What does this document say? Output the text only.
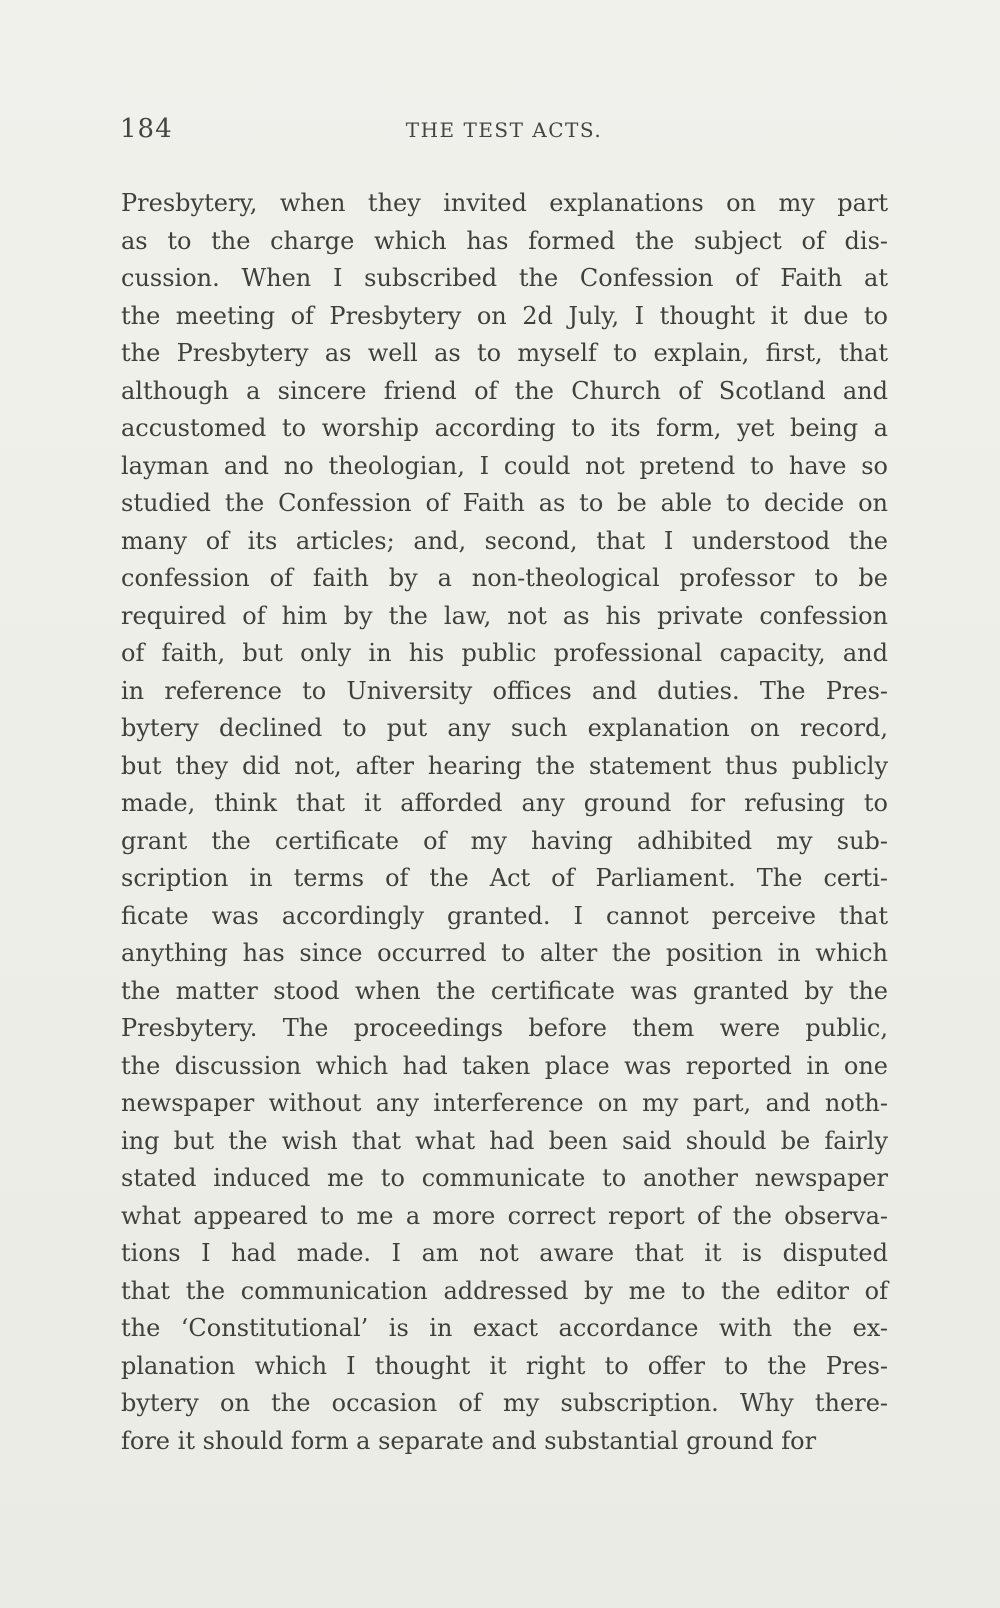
184	THE TEST ACTS.
Presbytery, when they invited explanations on my part
as to the charge which has formed the subject of dis-
cussion. When I subscribed the Confession of Faith at
the meeting of Presbytery on 2d July, I thought it due to
the Presbytery as well as to myself to explain, first, that
although a sincere friend of the Church of Scotland and
accustomed to worship according to its form, yet being a
layman and no theologian, I could not pretend to have so
studied the Confession of Faith as to be able to decide on
many of its articles; and, second, that I understood the
confession of faith by a non-theological professor to be
required of him by the law, not as his private confession
of faith, but only in his public professional capacity, and
in reference to University offices and duties. The Pres-
bytery declined to put any such explanation on record,
but they did not, after hearing the statement thus publicly
made, think that it afforded any ground for refusing to
grant the certificate of my having adhibited my sub-
scription in terms of the Act of Parliament. The certi-
ficate was accordingly granted. I cannot perceive that
anything has since occurred to alter the position in which
the matter stood when the certificate was granted by the
Presbytery. The proceedings before them were public,
the discussion which had taken place was reported in one
newspaper without any interference on my part, and noth-
ing but the wish that what had been said should be fairly
stated induced me to communicate to another newspaper
what appeared to me a more correct report of the observa-
tions I had made. I am not aware that it is disputed
that the communication addressed by me to the editor of
the ‘Constitutional’ is in exact accordance with the ex-
planation which I thought it right to offer to the Pres-
bytery on the occasion of my subscription. Why there-
fore it should form a separate and substantial ground for
